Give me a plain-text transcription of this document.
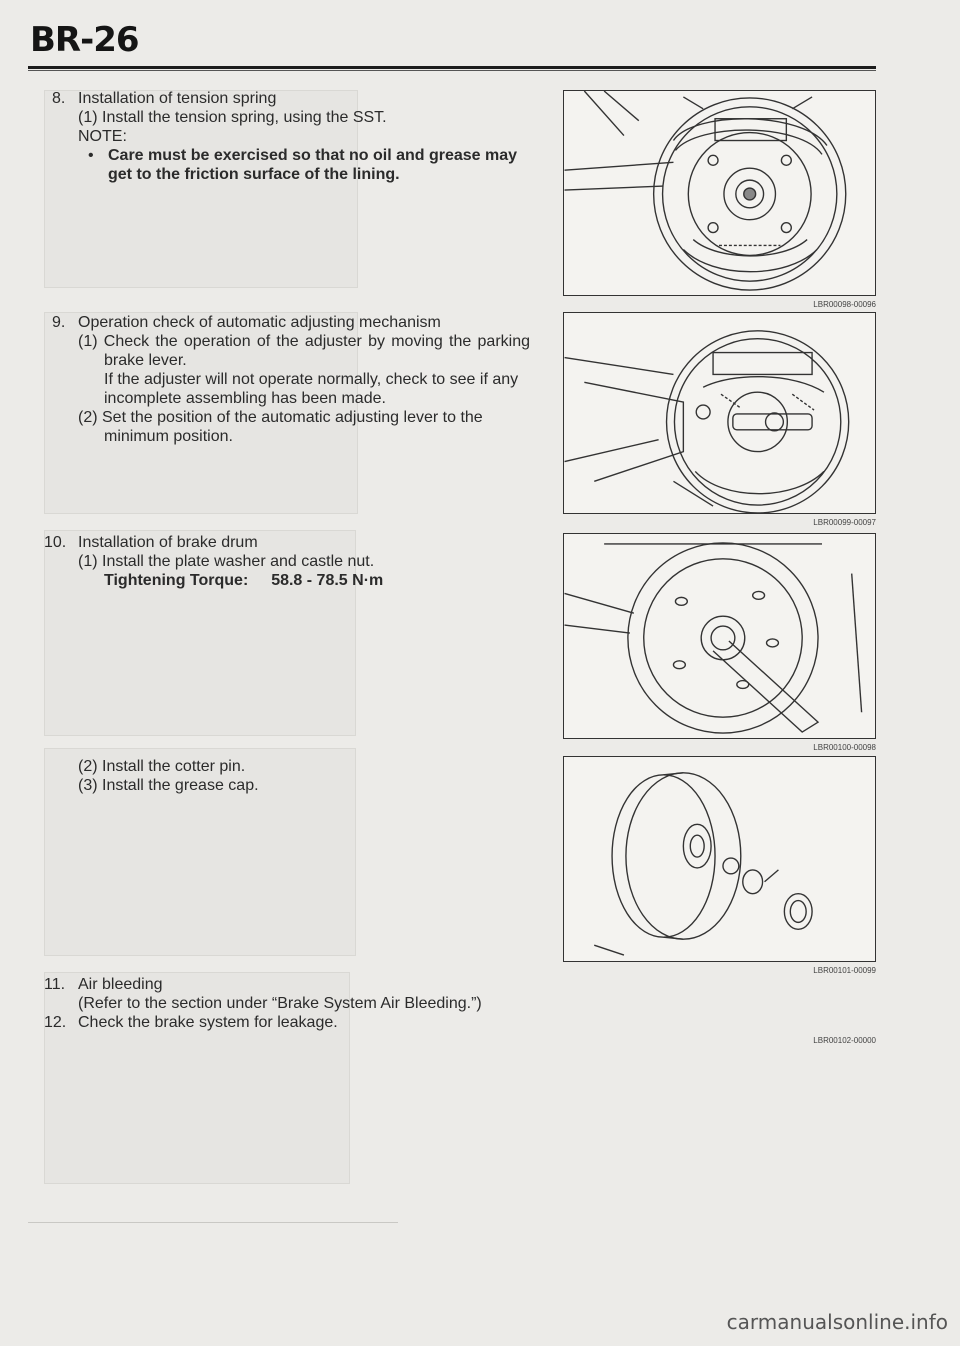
BR-26
8. Installation of tension spring
(1) Install the tension spring, using the SST.
NOTE:
• Care must be exercised so that no oil and grease may get to the friction surface of the lining.
9. Operation check of automatic adjusting mechanism
(1) Check the operation of the adjuster by moving the parking brake lever.
If the adjuster will not operate normally, check to see if any incomplete assembling has been made.
(2) Set the position of the automatic adjusting lever to the minimum position.
10. Installation of brake drum
(1) Install the plate washer and castle nut.
Tightening Torque: 58.8 - 78.5 N·m
(2) Install the cotter pin.
(3) Install the grease cap.
11. Air bleeding
(Refer to the section under “Brake System Air Bleeding.”)
12. Check the brake system for leakage.
LBR00098-00096
LBR00099-00097
LBR00100-00098
LBR00101-00099
LBR00102-00000
carmanualsonline.info
